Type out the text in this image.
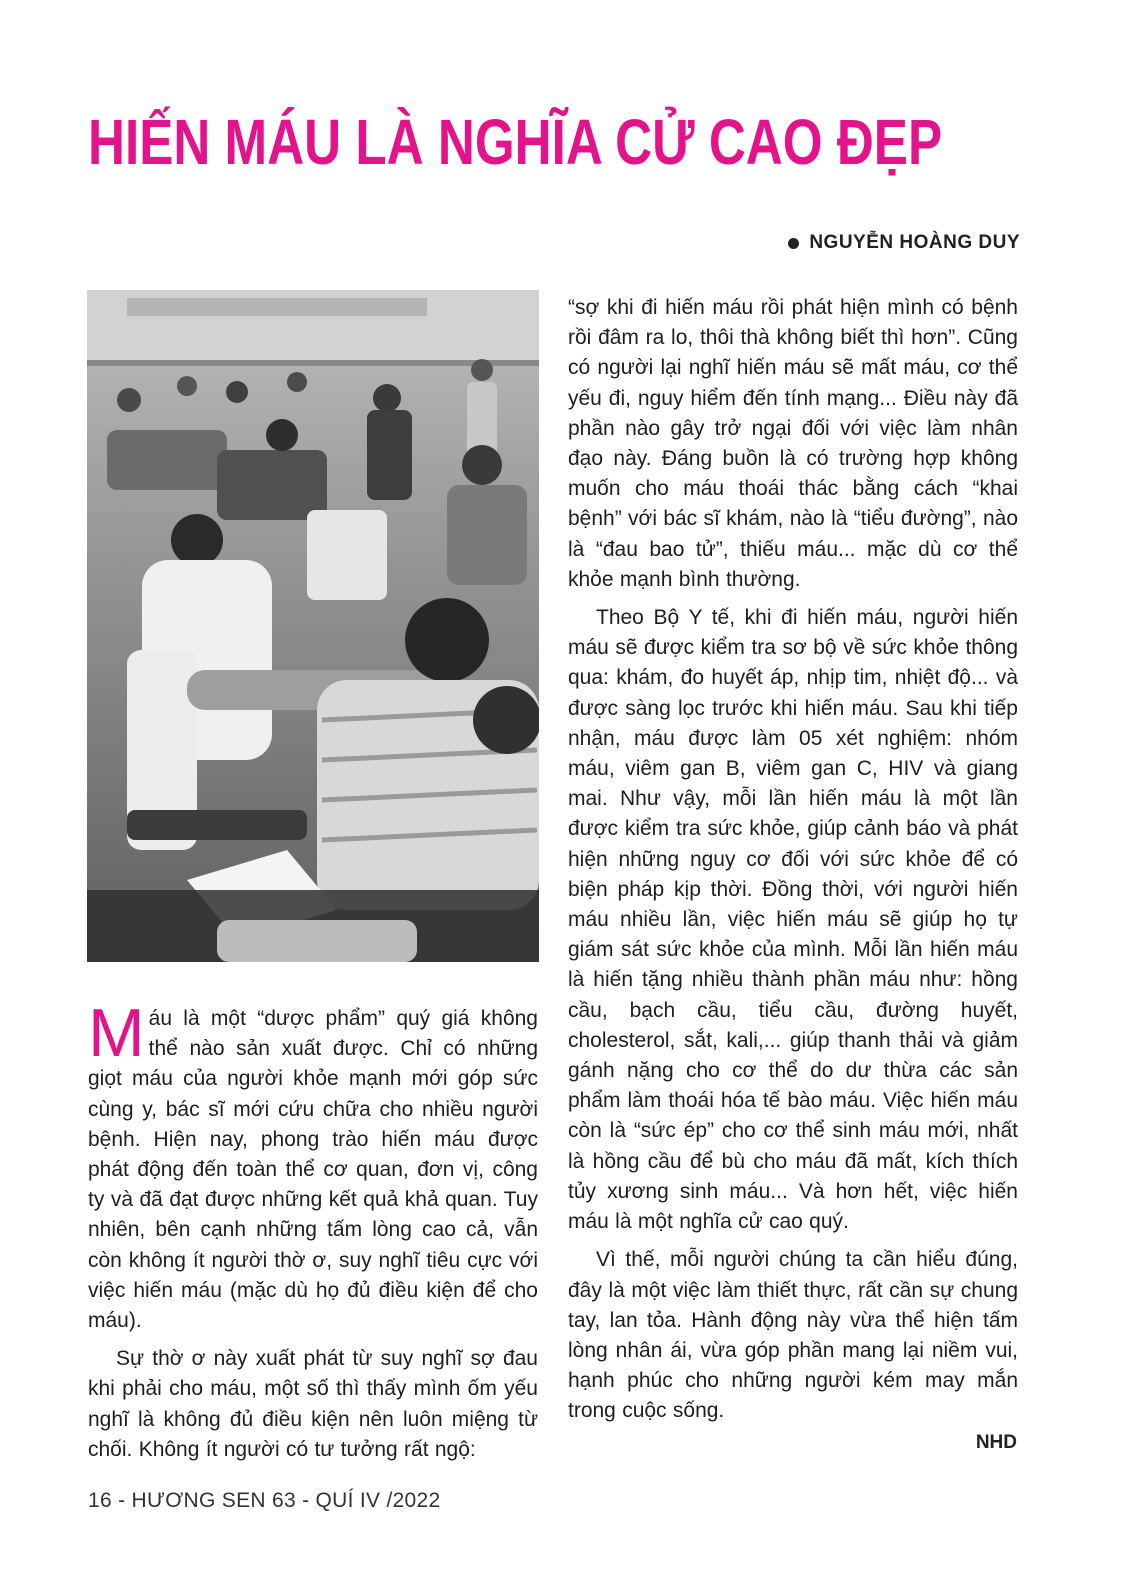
HIẾN MÁU LÀ NGHĨA CỬ CAO ĐẸP
NGUYỄN HOÀNG DUY

Máu là một “dược phẩm” quý giá không thể nào sản xuất được. Chỉ có những giọt máu của người khỏe mạnh mới góp sức cùng y, bác sĩ mới cứu chữa cho nhiều người bệnh. Hiện nay, phong trào hiến máu được phát động đến toàn thể cơ quan, đơn vị, công ty và đã đạt được những kết quả khả quan. Tuy nhiên, bên cạnh những tấm lòng cao cả, vẫn còn không ít người thờ ơ, suy nghĩ tiêu cực với việc hiến máu (mặc dù họ đủ điều kiện để cho máu).

Sự thờ ơ này xuất phát từ suy nghĩ sợ đau khi phải cho máu, một số thì thấy mình ốm yếu nghĩ là không đủ điều kiện nên luôn miệng từ chối. Không ít người có tư tưởng rất ngộ:

“sợ khi đi hiến máu rồi phát hiện mình có bệnh rồi đâm ra lo, thôi thà không biết thì hơn”. Cũng có người lại nghĩ hiến máu sẽ mất máu, cơ thể yếu đi, nguy hiểm đến tính mạng... Điều này đã phần nào gây trở ngại đối với việc làm nhân đạo này. Đáng buồn là có trường hợp không muốn cho máu thoái thác bằng cách “khai bệnh” với bác sĩ khám, nào là “tiểu đường”, nào là “đau bao tử”, thiếu máu... mặc dù cơ thể khỏe mạnh bình thường.

Theo Bộ Y tế, khi đi hiến máu, người hiến máu sẽ được kiểm tra sơ bộ về sức khỏe thông qua: khám, đo huyết áp, nhịp tim, nhiệt độ... và được sàng lọc trước khi hiến máu. Sau khi tiếp nhận, máu được làm 05 xét nghiệm: nhóm máu, viêm gan B, viêm gan C, HIV và giang mai. Như vậy, mỗi lần hiến máu là một lần được kiểm tra sức khỏe, giúp cảnh báo và phát hiện những nguy cơ đối với sức khỏe để có biện pháp kịp thời. Đồng thời, với người hiến máu nhiều lần, việc hiến máu sẽ giúp họ tự giám sát sức khỏe của mình. Mỗi lần hiến máu là hiến tặng nhiều thành phần máu như: hồng cầu, bạch cầu, tiểu cầu, đường huyết, cholesterol, sắt, kali,... giúp thanh thải và giảm gánh nặng cho cơ thể do dư thừa các sản phẩm làm thoái hóa tế bào máu. Việc hiến máu còn là “sức ép” cho cơ thể sinh máu mới, nhất là hồng cầu để bù cho máu đã mất, kích thích tủy xương sinh máu... Và hơn hết, việc hiến máu là một nghĩa cử cao quý.

Vì thế, mỗi người chúng ta cần hiểu đúng, đây là một việc làm thiết thực, rất cần sự chung tay, lan tỏa. Hành động này vừa thể hiện tấm lòng nhân ái, vừa góp phần mang lại niềm vui, hạnh phúc cho những người kém may mắn trong cuộc sống.

NHD
16 - HƯƠNG SEN 63 - QUÍ IV /2022
